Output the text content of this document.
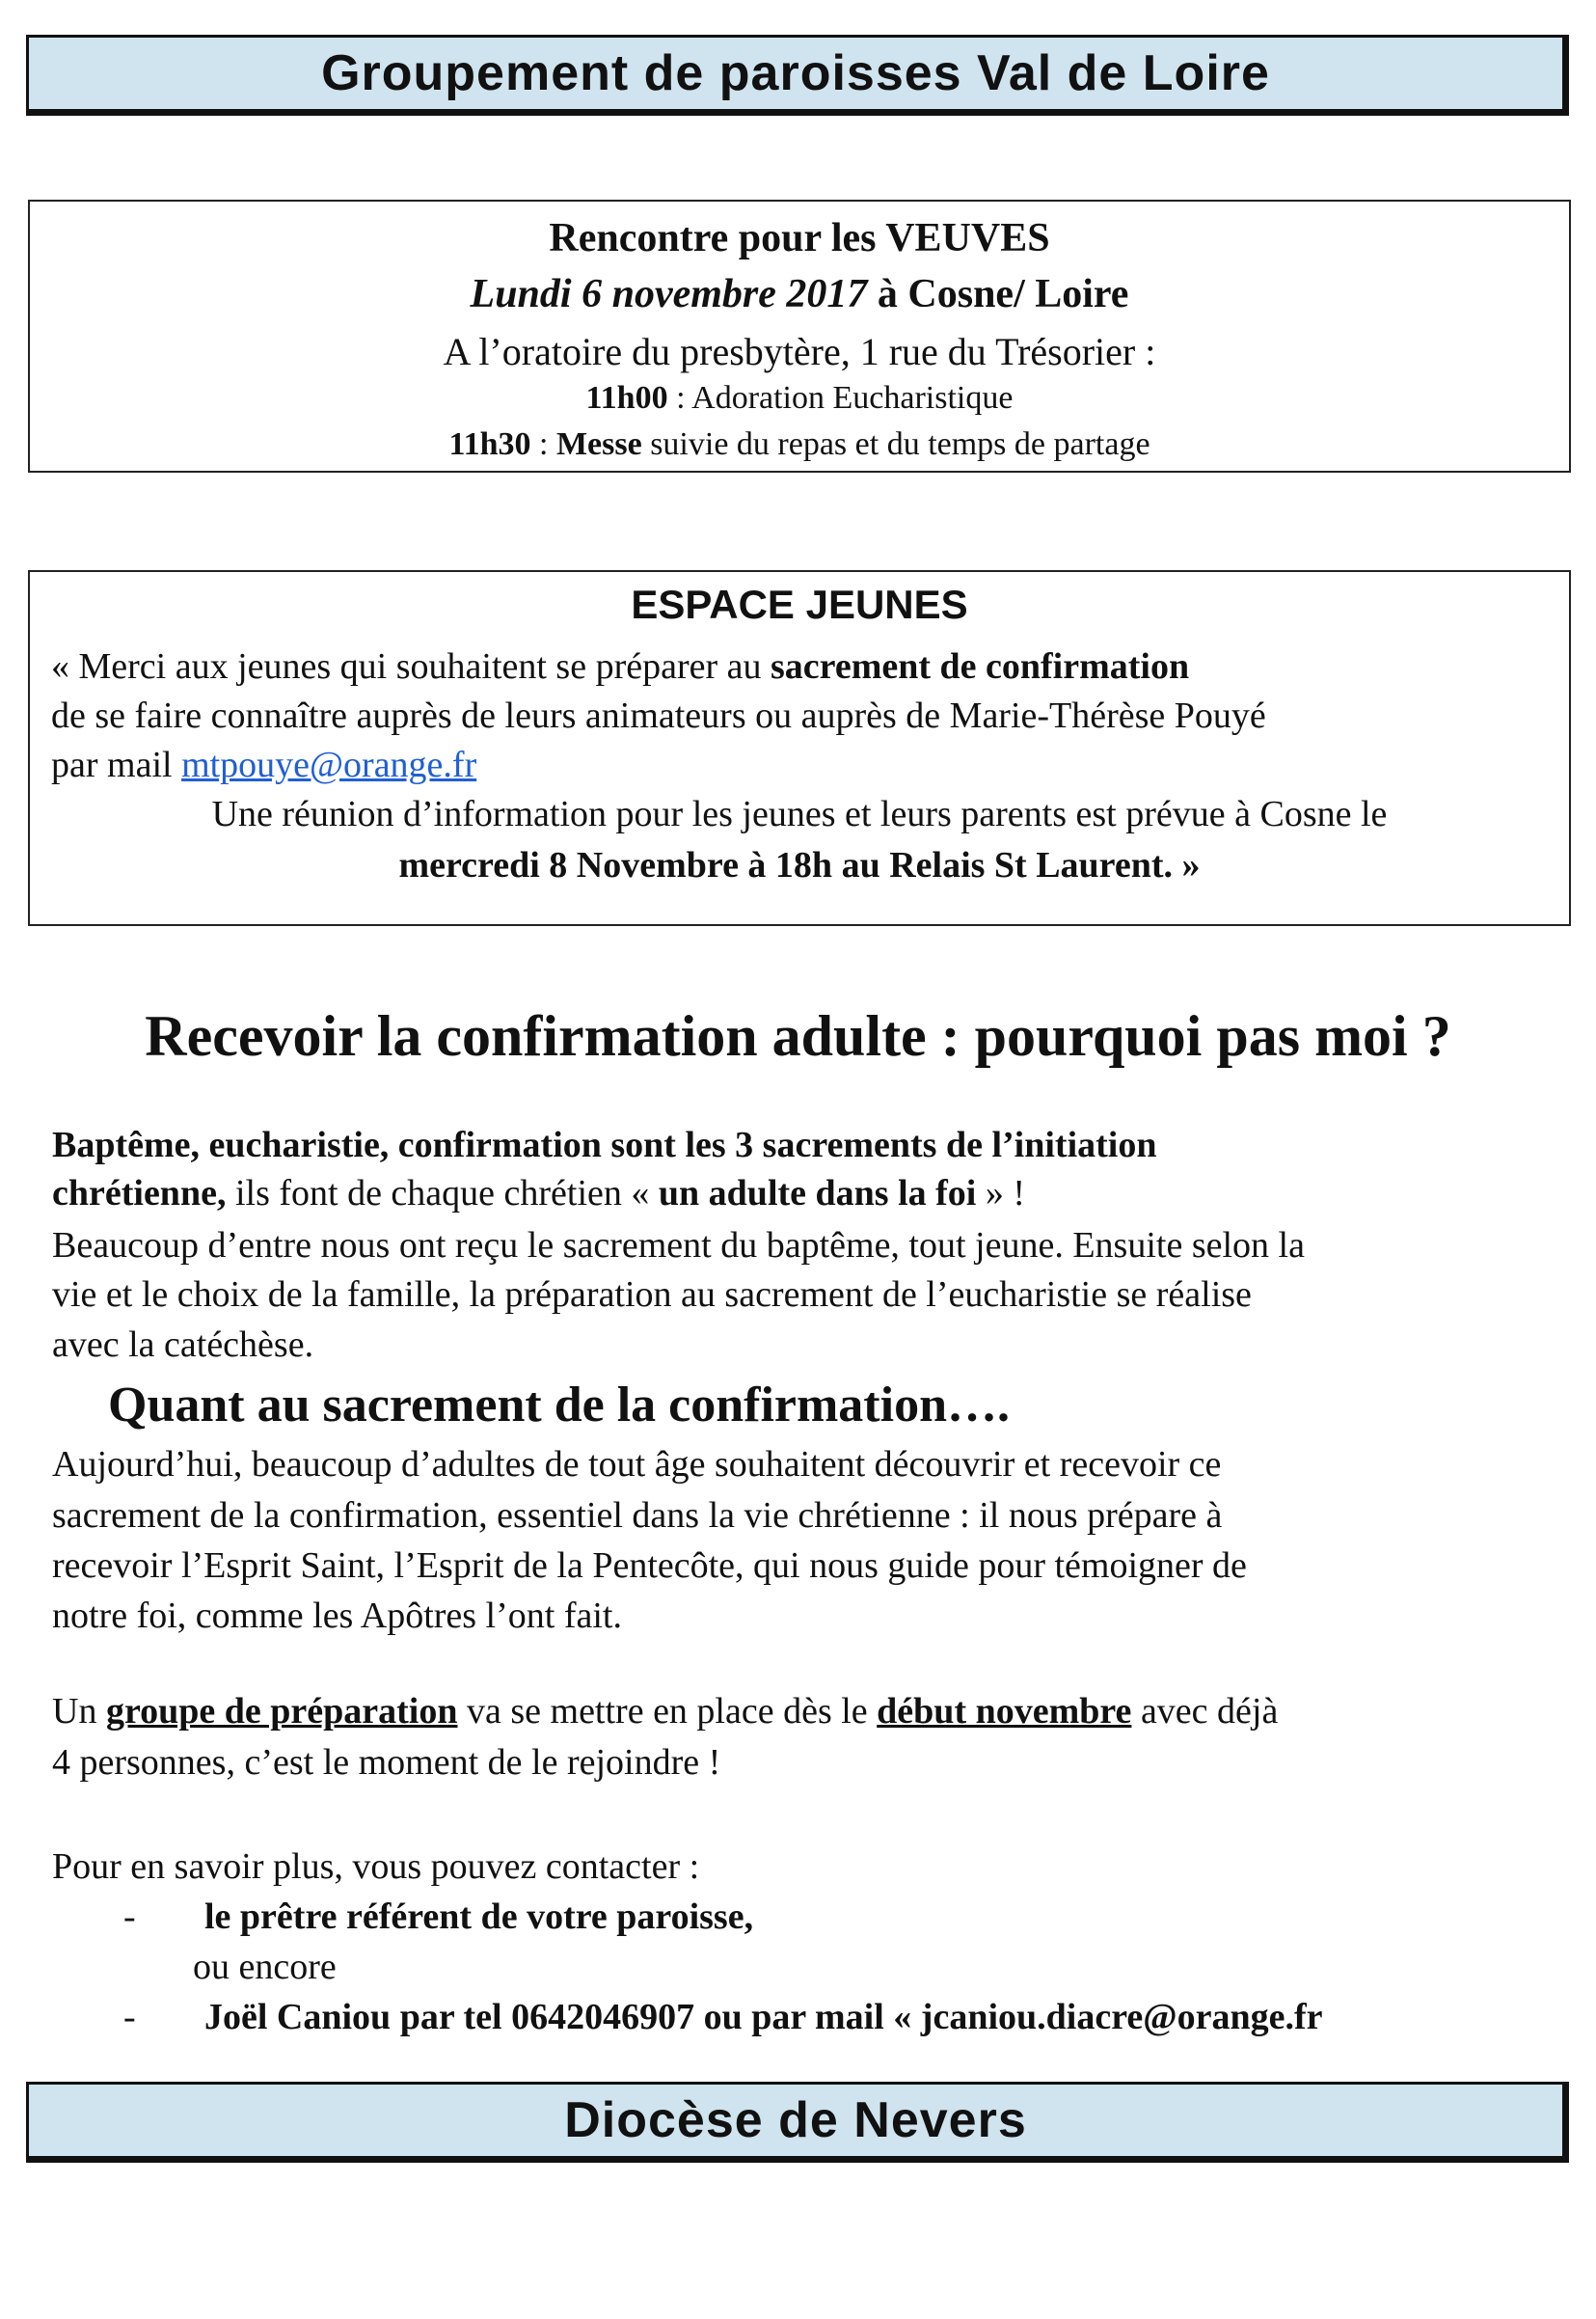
Groupement de paroisses Val de Loire
Rencontre pour les VEUVES
Lundi 6 novembre 2017 à Cosne/ Loire
A l’oratoire du presbytère, 1 rue du Trésorier :
11h00 : Adoration Eucharistique
11h30 : Messe suivie du repas et du temps de partage
ESPACE JEUNES
« Merci aux jeunes qui souhaitent se préparer au sacrement de confirmation
de se faire connaître auprès de leurs animateurs ou auprès de Marie-Thérèse Pouyé
par mail mtpouye@orange.fr
Une réunion d’information pour les jeunes et leurs parents est prévue à Cosne le
mercredi 8 Novembre à 18h au Relais St Laurent. »
Recevoir la confirmation adulte : pourquoi pas moi ?
Baptême, eucharistie, confirmation sont les 3 sacrements de l’initiation
chrétienne, ils font de chaque chrétien « un adulte dans la foi » !
Beaucoup d’entre nous ont reçu le sacrement du baptême, tout jeune. Ensuite selon la
vie et le choix de la famille, la préparation au sacrement de l’eucharistie se réalise
avec la catéchèse.
Quant au sacrement de la confirmation….
Aujourd’hui, beaucoup d’adultes de tout âge souhaitent découvrir et recevoir ce
sacrement de la confirmation, essentiel dans la vie chrétienne : il nous prépare à
recevoir l’Esprit Saint, l’Esprit de la Pentecôte, qui nous guide pour témoigner de
notre foi, comme les Apôtres l’ont fait.
Un groupe de préparation va se mettre en place dès le début novembre avec déjà
4 personnes, c’est le moment de le rejoindre !
Pour en savoir plus, vous pouvez contacter :
- le prêtre référent de votre paroisse,
ou encore
- Joël Caniou par tel 0642046907 ou par mail « jcaniou.diacre@orange.fr
Diocèse de Nevers
